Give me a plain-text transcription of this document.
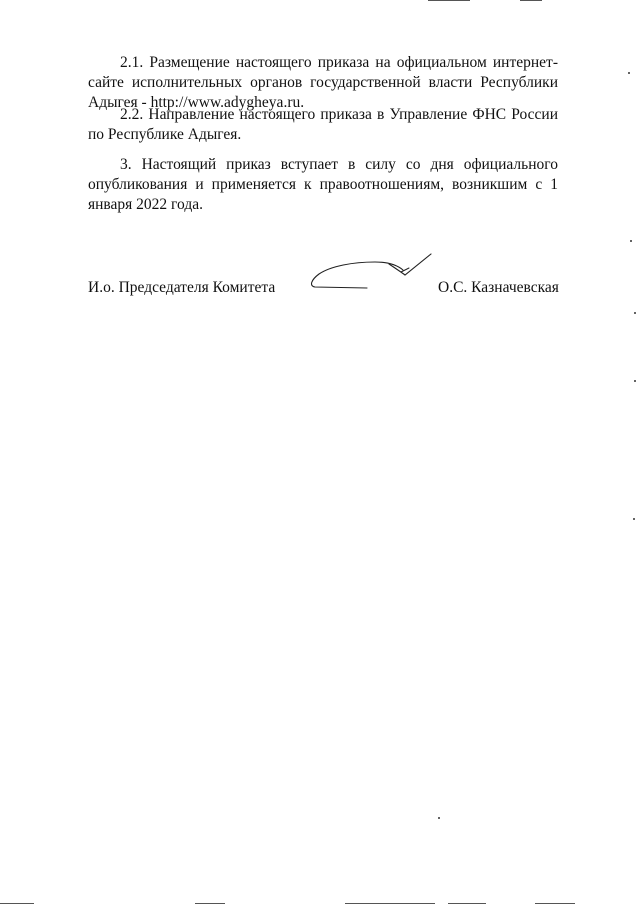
2.1. Размещение настоящего приказа на официальном интернет-сайте исполнительных органов государственной власти Республики Адыгея - http://www.adygheya.ru.

2.2. Направление настоящего приказа в Управление ФНС России по Республике Адыгея.

3. Настоящий приказ вступает в силу со дня официального опубликования и применяется к правоотношениям, возникшим с 1 января 2022 года.

И.о. Председателя Комитета	О.С. Казначевская
